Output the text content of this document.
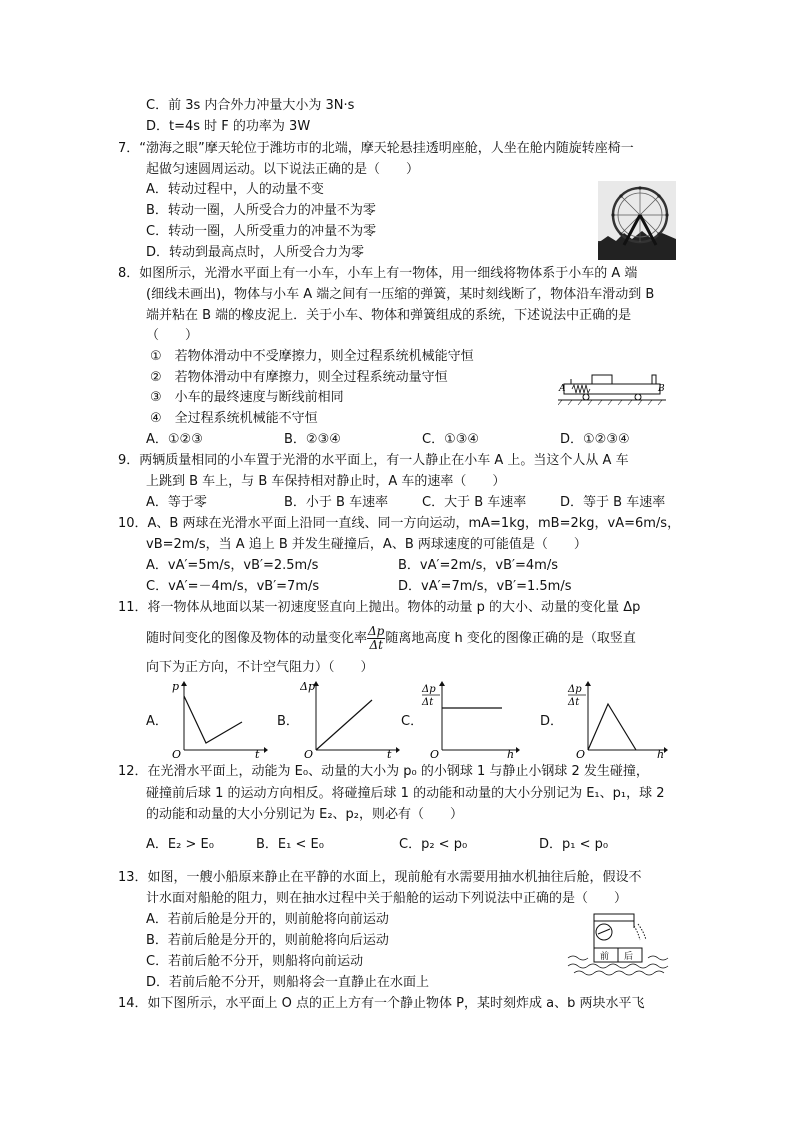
C．前 3s 内合外力冲量大小为 3N·s
D．t=4s 时 F 的功率为 3W
7．“渤海之眼”摩天轮位于潍坊市的北端，摩天轮悬挂透明座舱，人坐在舱内随旋转座椅一
起做匀速圆周运动。以下说法正确的是（　　）
A．转动过程中，人的动量不变
B．转动一圈，人所受合力的冲量不为零
C．转动一圈，人所受重力的冲量不为零
D．转动到最高点时，人所受合力为零
8．如图所示，光滑水平面上有一小车，小车上有一物体，用一细线将物体系于小车的 A 端
(细线未画出)，物体与小车 A 端之间有一压缩的弹簧，某时刻线断了，物体沿车滑动到 B
端并粘在 B 端的橡皮泥上．关于小车、物体和弹簧组成的系统，下述说法中正确的是
（　　）
①　若物体滑动中不受摩擦力，则全过程系统机械能守恒
②　若物体滑动中有摩擦力，则全过程系统动量守恒
③　小车的最终速度与断线前相同
④　全过程系统机械能不守恒
A．①②③	B．②③④	C．①③④	D．①②③④
A	B
9．两辆质量相同的小车置于光滑的水平面上，有一人静止在小车 A 上。当这个人从 A 车
上跳到 B 车上，与 B 车保持相对静止时，A 车的速率（　　）
A．等于零	B．小于 B 车速率	C．大于 B 车速率	D．等于 B 车速率
10．A、B 两球在光滑水平面上沿同一直线、同一方向运动，mA=1kg，mB=2kg，vA=6m/s，
vB=2m/s，当 A 追上 B 并发生碰撞后，A、B 两球速度的可能值是（　　）
A．vA′=5m/s，vB′=2.5m/s	B．vA′=2m/s，vB′=4m/s
C．vA′=－4m/s，vB′=7m/s	D．vA′=7m/s，vB′=1.5m/s
11．将一物体从地面以某一初速度竖直向上抛出。物体的动量 p 的大小、动量的变化量 Δp
随时间变化的图像及物体的动量变化率 $\frac{\Delta p}{\Delta t}$ 随离地高度 h 变化的图像正确的是（取竖直
向下为正方向，不计空气阻力）（　　）
A．
p
O	t
B．
Δp
O	t
C．
Δp
Δt
O	h
D．
Δp
Δt
O	h
12．在光滑水平面上，动能为 E₀、动量的大小为 p₀ 的小钢球 1 与静止小钢球 2 发生碰撞，
碰撞前后球 1 的运动方向相反。将碰撞后球 1 的动能和动量的大小分别记为 E₁、p₁，球 2
的动能和动量的大小分别记为 E₂、p₂，则必有（　　）
A．E₂ > E₀	B．E₁ < E₀	C．p₂ < p₀	D．p₁ < p₀
13．如图，一艘小船原来静止在平静的水面上，现前舱有水需要用抽水机抽往后舱，假设不
计水面对船舱的阻力，则在抽水过程中关于船舱的运动下列说法中正确的是（　　）
A．若前后舱是分开的，则前舱将向前运动
B．若前后舱是分开的，则前舱将向后运动
C．若前后舱不分开，则船将向前运动
D．若前后舱不分开，则船将会一直静止在水面上
前 后
14．如下图所示，水平面上 O 点的正上方有一个静止物体 P，某时刻炸成 a、b 两块水平飞
